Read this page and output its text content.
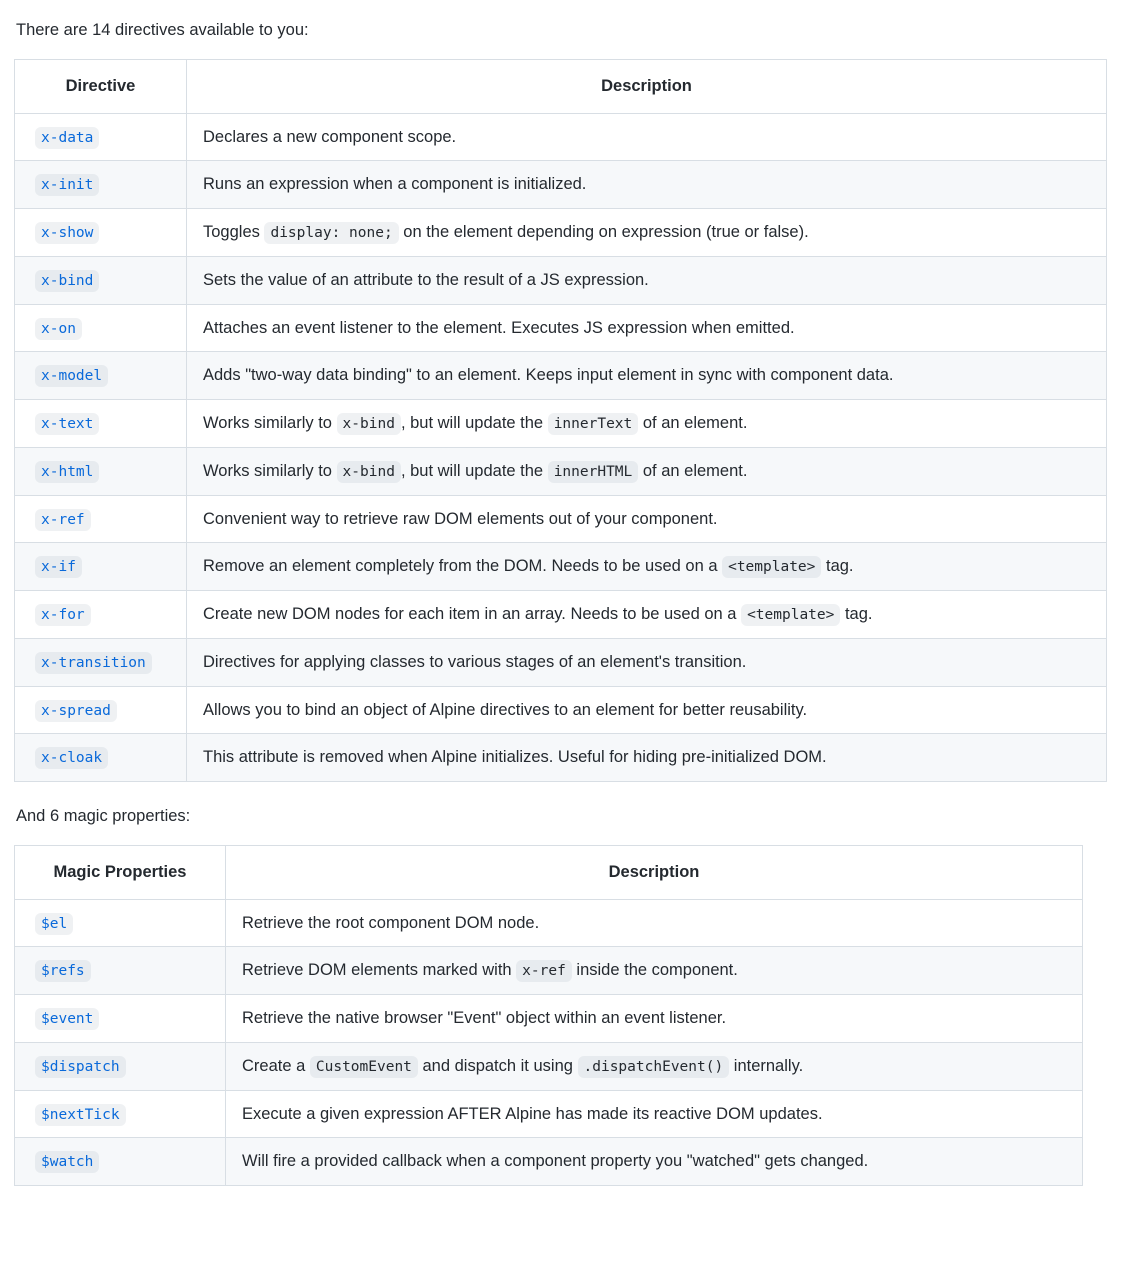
There are 14 directives available to you:

Directive	Description
x-data	Declares a new component scope.
x-init	Runs an expression when a component is initialized.
x-show	Toggles display: none; on the element depending on expression (true or false).
x-bind	Sets the value of an attribute to the result of a JS expression.
x-on	Attaches an event listener to the element. Executes JS expression when emitted.
x-model	Adds "two-way data binding" to an element. Keeps input element in sync with component data.
x-text	Works similarly to x-bind , but will update the innerText of an element.
x-html	Works similarly to x-bind , but will update the innerHTML of an element.
x-ref	Convenient way to retrieve raw DOM elements out of your component.
x-if	Remove an element completely from the DOM. Needs to be used on a <template> tag.
x-for	Create new DOM nodes for each item in an array. Needs to be used on a <template> tag.
x-transition	Directives for applying classes to various stages of an element's transition.
x-spread	Allows you to bind an object of Alpine directives to an element for better reusability.
x-cloak	This attribute is removed when Alpine initializes. Useful for hiding pre-initialized DOM.

And 6 magic properties:

Magic Properties	Description
$el	Retrieve the root component DOM node.
$refs	Retrieve DOM elements marked with x-ref inside the component.
$event	Retrieve the native browser "Event" object within an event listener.
$dispatch	Create a CustomEvent and dispatch it using .dispatchEvent() internally.
$nextTick	Execute a given expression AFTER Alpine has made its reactive DOM updates.
$watch	Will fire a provided callback when a component property you "watched" gets changed.
